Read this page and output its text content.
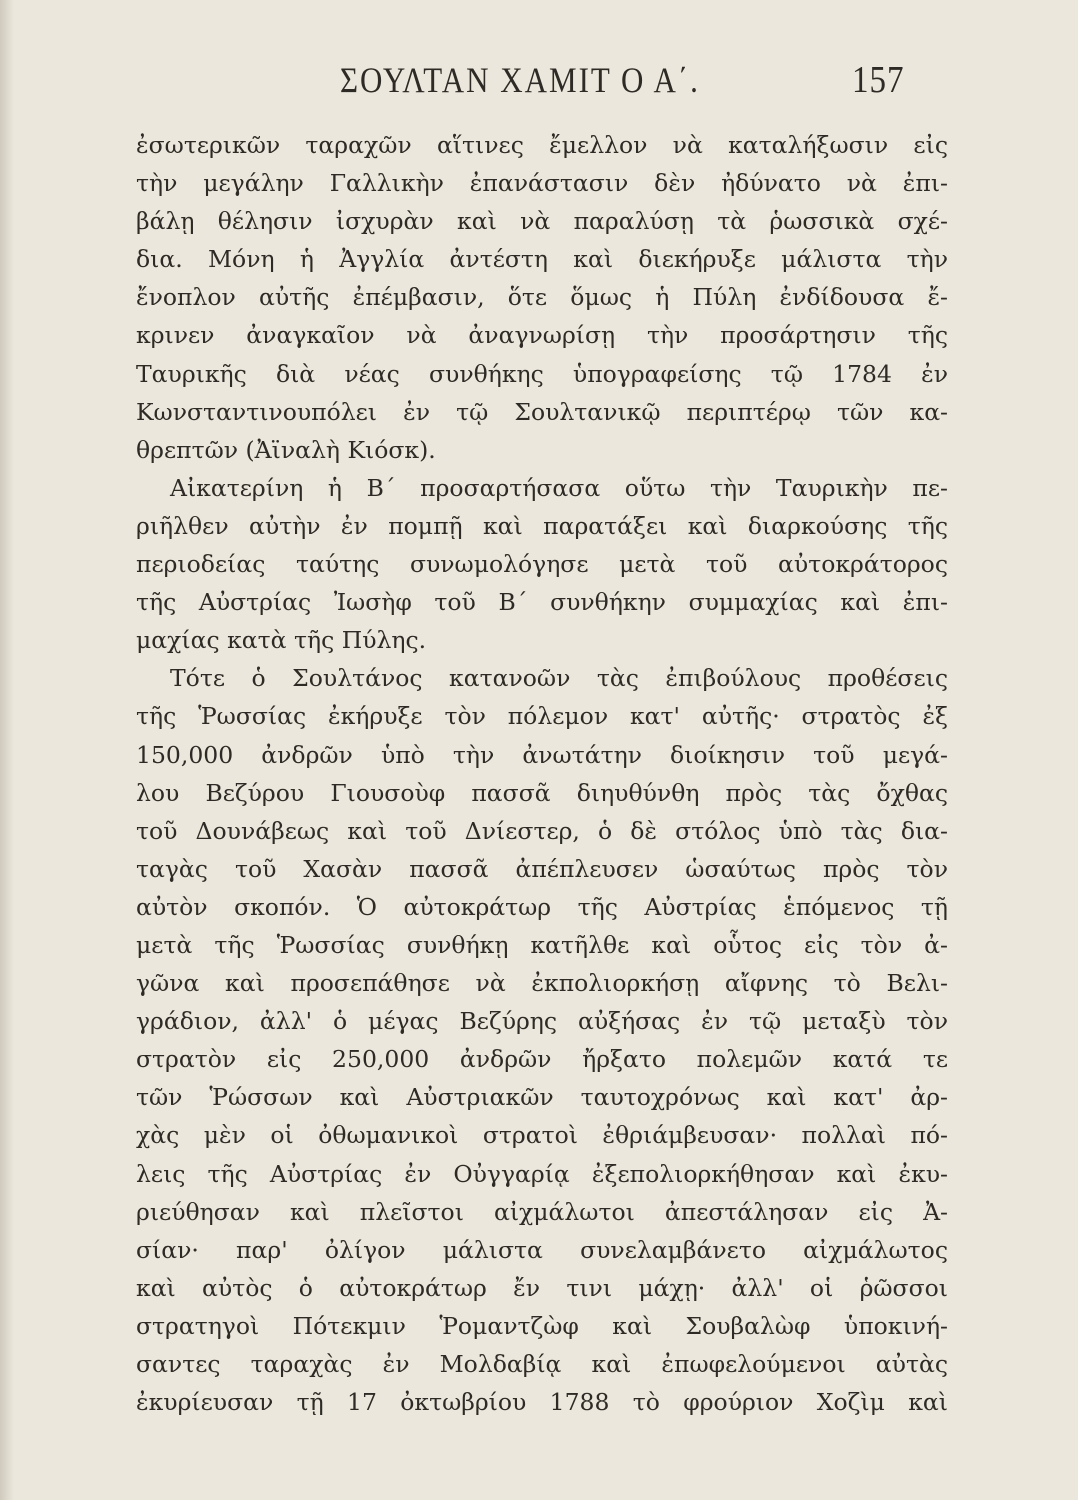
ΣΟΥΛΤΑΝ ΧΑΜΙΤ Ο Α΄.	157
ἐσωτερικῶν ταραχῶν αἵτινες ἔμελλον νὰ καταλήξωσιν εἰς
τὴν μεγάλην Γαλλικὴν ἐπανάστασιν δὲν ἠδύνατο νὰ ἐπι-
βάλῃ θέλησιν ἰσχυρὰν καὶ νὰ παραλύσῃ τὰ ῥωσσικὰ σχέ-
δια. Μόνη ἡ Ἀγγλία ἀντέστη καὶ διεκήρυξε μάλιστα τὴν
ἔνοπλον αὐτῆς ἐπέμβασιν, ὅτε ὅμως ἡ Πύλη ἐνδίδουσα ἔ-
κρινεν ἀναγκαῖον νὰ ἀναγνωρίσῃ τὴν προσάρτησιν τῆς
Ταυρικῆς διὰ νέας συνθήκης ὑπογραφείσης τῷ 1784 ἐν
Κωνσταντινουπόλει ἐν τῷ Σουλτανικῷ περιπτέρῳ τῶν κα-
θρεπτῶν (Ἀϊναλὴ Κιόσκ).
Αἰκατερίνη ἡ Β΄ προσαρτήσασα οὕτω τὴν Ταυρικὴν πε-
ριῆλθεν αὐτὴν ἐν πομπῇ καὶ παρατάξει καὶ διαρκούσης τῆς
περιοδείας ταύτης συνωμολόγησε μετὰ τοῦ αὐτοκράτορος
τῆς Αὐστρίας Ἰωσὴφ τοῦ Β΄ συνθήκην συμμαχίας καὶ ἐπι-
μαχίας κατὰ τῆς Πύλης.
Τότε ὁ Σουλτάνος κατανοῶν τὰς ἐπιβούλους προθέσεις
τῆς Ῥωσσίας ἐκήρυξε τὸν πόλεμον κατ' αὐτῆς· στρατὸς ἐξ
150,000 ἀνδρῶν ὑπὸ τὴν ἀνωτάτην διοίκησιν τοῦ μεγά-
λου Βεζύρου Γιουσοὺφ πασσᾶ διηυθύνθη πρὸς τὰς ὄχθας
τοῦ Δουνάβεως καὶ τοῦ Δνίεστερ, ὁ δὲ στόλος ὑπὸ τὰς δια-
ταγὰς τοῦ Χασὰν πασσᾶ ἀπέπλευσεν ὡσαύτως πρὸς τὸν
αὐτὸν σκοπόν. Ὁ αὐτοκράτωρ τῆς Αὐστρίας ἑπόμενος τῇ
μετὰ τῆς Ῥωσσίας συνθήκῃ κατῆλθε καὶ οὗτος εἰς τὸν ἀ-
γῶνα καὶ προσεπάθησε νὰ ἐκπολιορκήσῃ αἴφνης τὸ Βελι-
γράδιον, ἀλλ' ὁ μέγας Βεζύρης αὐξήσας ἐν τῷ μεταξὺ τὸν
στρατὸν εἰς 250,000 ἀνδρῶν ἤρξατο πολεμῶν κατά τε
τῶν Ῥώσσων καὶ Αὐστριακῶν ταυτοχρόνως καὶ κατ' ἀρ-
χὰς μὲν οἱ ὀθωμανικοὶ στρατοὶ ἐθριάμβευσαν· πολλαὶ πό-
λεις τῆς Αὐστρίας ἐν Οὐγγαρίᾳ ἐξεπολιορκήθησαν καὶ ἐκυ-
ριεύθησαν καὶ πλεῖστοι αἰχμάλωτοι ἀπεστάλησαν εἰς Ἀ-
σίαν· παρ' ὀλίγον μάλιστα συνελαμβάνετο αἰχμάλωτος
καὶ αὐτὸς ὁ αὐτοκράτωρ ἔν τινι μάχῃ· ἀλλ' οἱ ῥῶσσοι
στρατηγοὶ Πότεκμιν Ῥομαντζὼφ καὶ Σουβαλὼφ ὑποκινή-
σαντες ταραχὰς ἐν Μολδαβίᾳ καὶ ἐπωφελούμενοι αὐτὰς
ἐκυρίευσαν τῇ 17 ὀκτωβρίου 1788 τὸ φρούριον Χοζὶμ καὶ
